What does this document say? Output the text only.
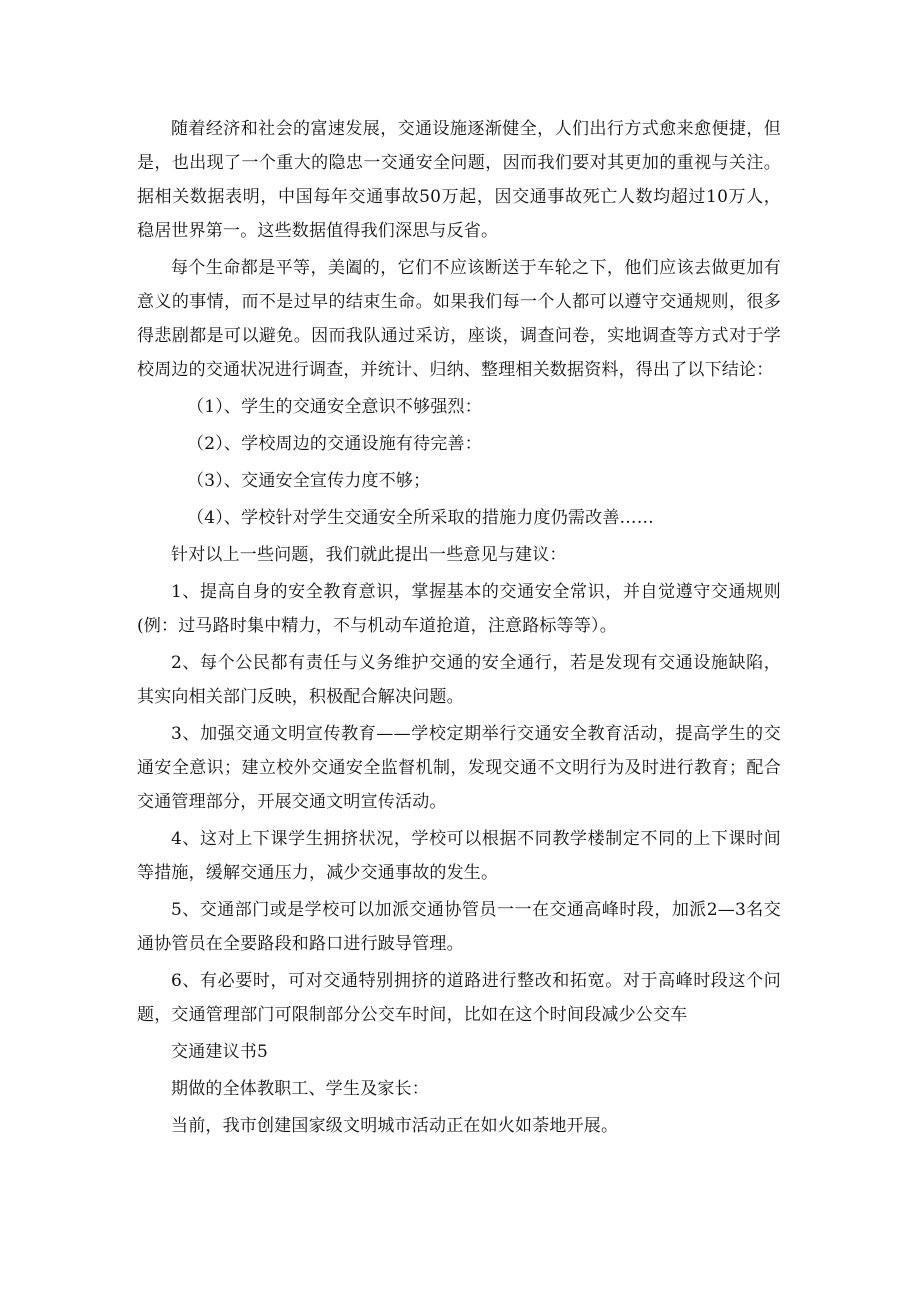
随着经济和社会的富速发展，交通设施逐渐健全，人们出行方式愈来愈便捷，但是，也出现了一个重大的隐忠一交通安全问题，因而我们要对其更加的重视与关注。据相关数据表明，中国每年交通事故50万起，因交通事故死亡人数均超过10万人，稳居世界第一。这些数据值得我们深思与反省。

每个生命都是平等，美阖的，它们不应该断送于车轮之下，他们应该去做更加有意义的事情，而不是过早的结束生命。如果我们每一个人都可以遵守交通规则，很多得悲剧都是可以避免。因而我队通过采访，座谈，调查问卷，实地调查等方式对于学校周边的交通状况进行调查，并统计、归纳、整理相关数据资料，得出了以下结论：

（1）、学生的交通安全意识不够强烈：
（2）、学校周边的交通设施有待完善：
（3）、交通安全宣传力度不够；
（4）、学校针对学生交通安全所采取的措施力度仍需改善……

针对以上一些问题，我们就此提出一些意见与建议：

1、提高自身的安全教育意识，掌握基本的交通安全常识，并自觉遵守交通规则(例：过马路时集中精力，不与机动车道抢道，注意路标等等）。

2、每个公民都有责任与义务维护交通的安全通行，若是发现有交通设施缺陷，其实向相关部门反映，积极配合解决问题。

3、加强交通文明宣传教育——学校定期举行交通安全教育活动，提高学生的交通安全意识；建立校外交通安全监督机制，发现交通不文明行为及时进行教育；配合交通管理部分，开展交通文明宣传活动。

4、这对上下课学生拥挤状况，学校可以根据不同教学楼制定不同的上下课时间等措施，缓解交通压力，减少交通事故的发生。

5、交通部门或是学校可以加派交通协管员一一在交通高峰时段，加派2—3名交通协管员在全要路段和路口进行跛导管理。

6、有必要时，可对交通特别拥挤的道路进行整改和拓宽。对于高峰时段这个问题，交通管理部门可限制部分公交车时间，比如在这个时间段减少公交车

交通建议书5

期做的全体教职工、学生及家长：

当前，我市创建国家级文明城市活动正在如火如荼地开展。
